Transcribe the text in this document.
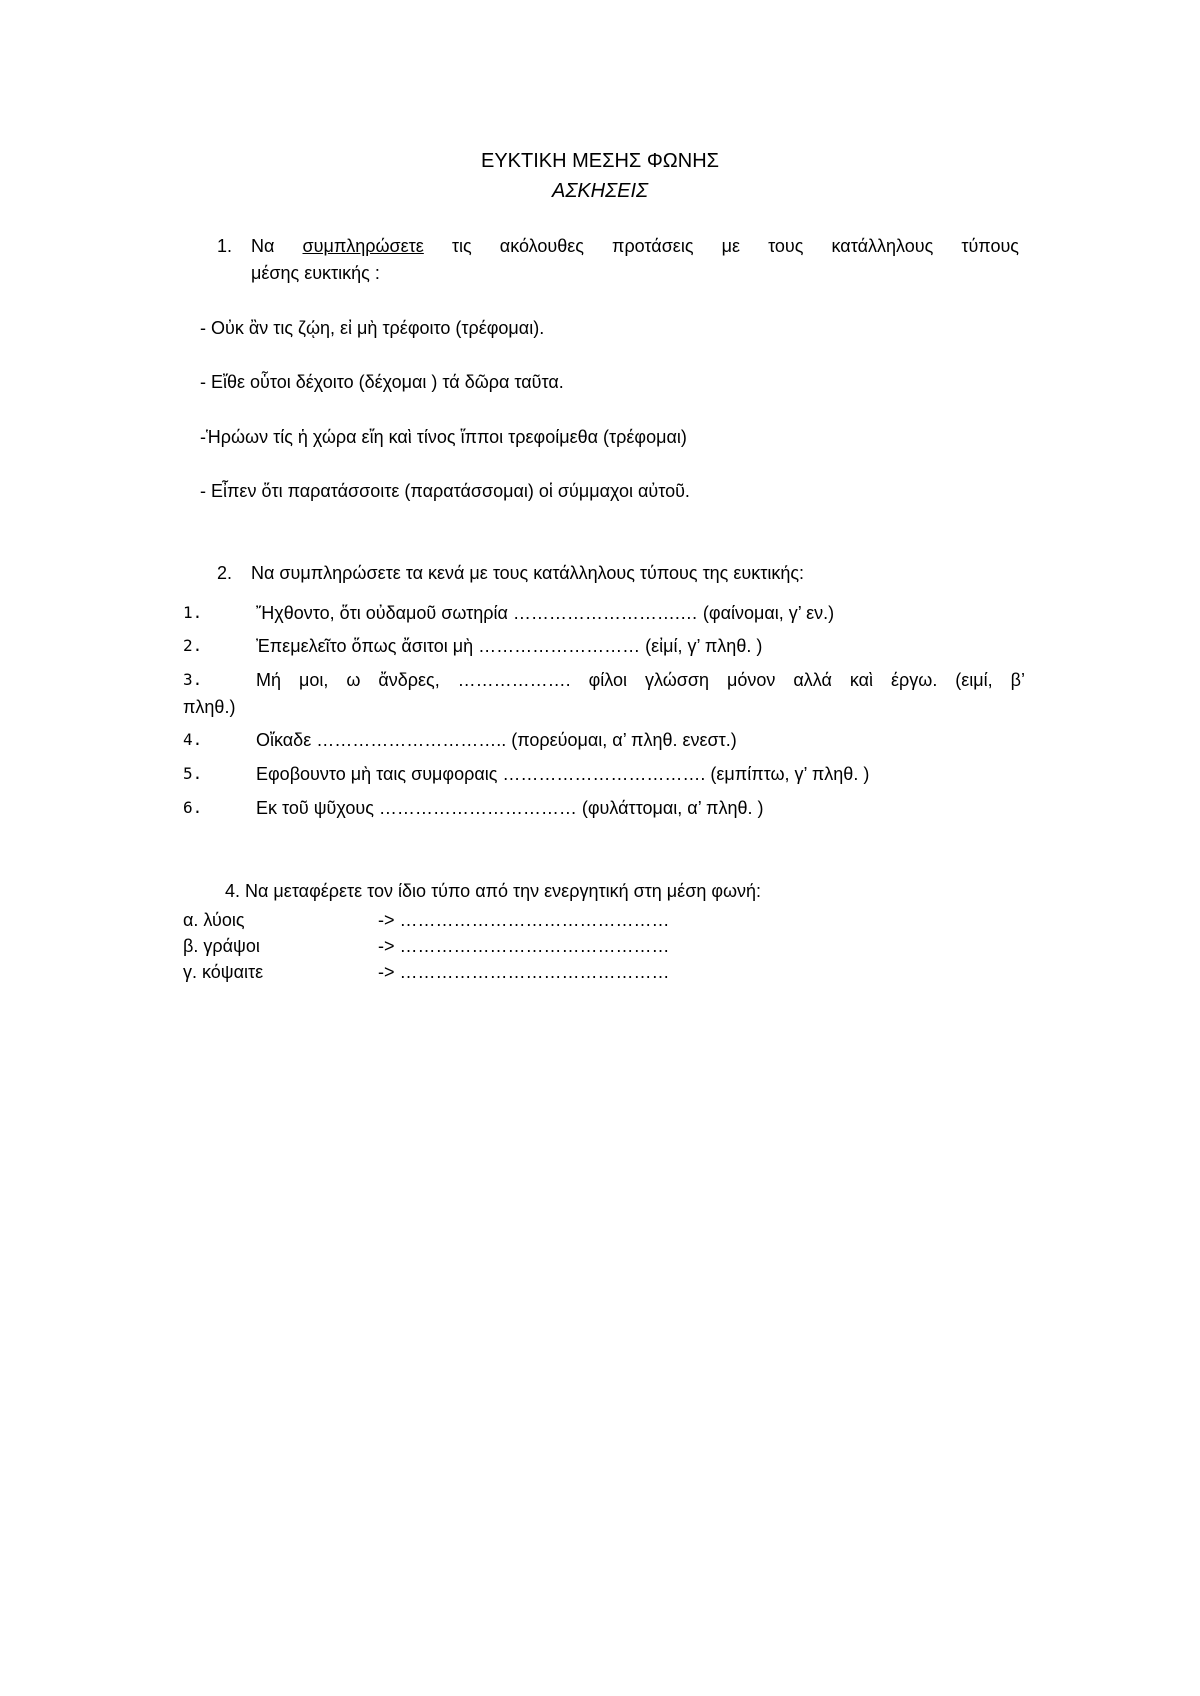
ΕΥΚΤΙΚΗ ΜΕΣΗΣ ΦΩΝΗΣ
ΑΣΚΗΣΕΙΣ
1. Να συμπληρώσετε τις ακόλουθες προτάσεις με τους κατάλληλους τύπους
μέσης ευκτικής :
- Οὐκ ἂν τις ζῴη, εἰ μὴ τρέφοιτο (τρέφομαι).
- Εἴθε οὗτοι δέχοιτο (δέχομαι ) τά δῶρα ταῦτα.
-Ἡρώων τίς ἡ χώρα εἴη καὶ τίνος ἵπποι τρεφοίμεθα (τρέφομαι)
- Εἶπεν ὅτι παρατάσσοιτε (παρατάσσομαι) οἱ σύμμαχοι αὐτοῦ.
2. Να συμπληρώσετε τα κενά με τους κατάλληλους τύπους της ευκτικής:
1.	Ἤχθοντο, ὅτι οὐδαμοῦ σωτηρία ……………………….… (φαίνομαι, γ’ εν.)
2.	Ἐπεμελεῖτο ὅπως ἄσιτοι μὴ ……………………… (εἰμί, γ’ πληθ. )
3.	Μή μοι, ω ἄνδρες, ………………. φίλοι γλώσση μόνον αλλά καὶ έργω. (ειμί, β’
πληθ.)
4.	Οἴκαδε ………………………….. (πορεύομαι, α’ πληθ. ενεστ.)
5.	Εφοβουντο μὴ ταις συμφοραις ……………………………. (εμπίπτω, γ’ πληθ. )
6.	Εκ τοῦ ψῦχους …………………………… (φυλάττομαι, α’ πληθ. )
4. Να μεταφέρετε τον ίδιο τύπο από την ενεργητική στη μέση φωνή:
α. λύοις	-> ………………………………………
β. γράψοι	-> ………………………………………
γ. κόψαιτε	-> ………………………………………
